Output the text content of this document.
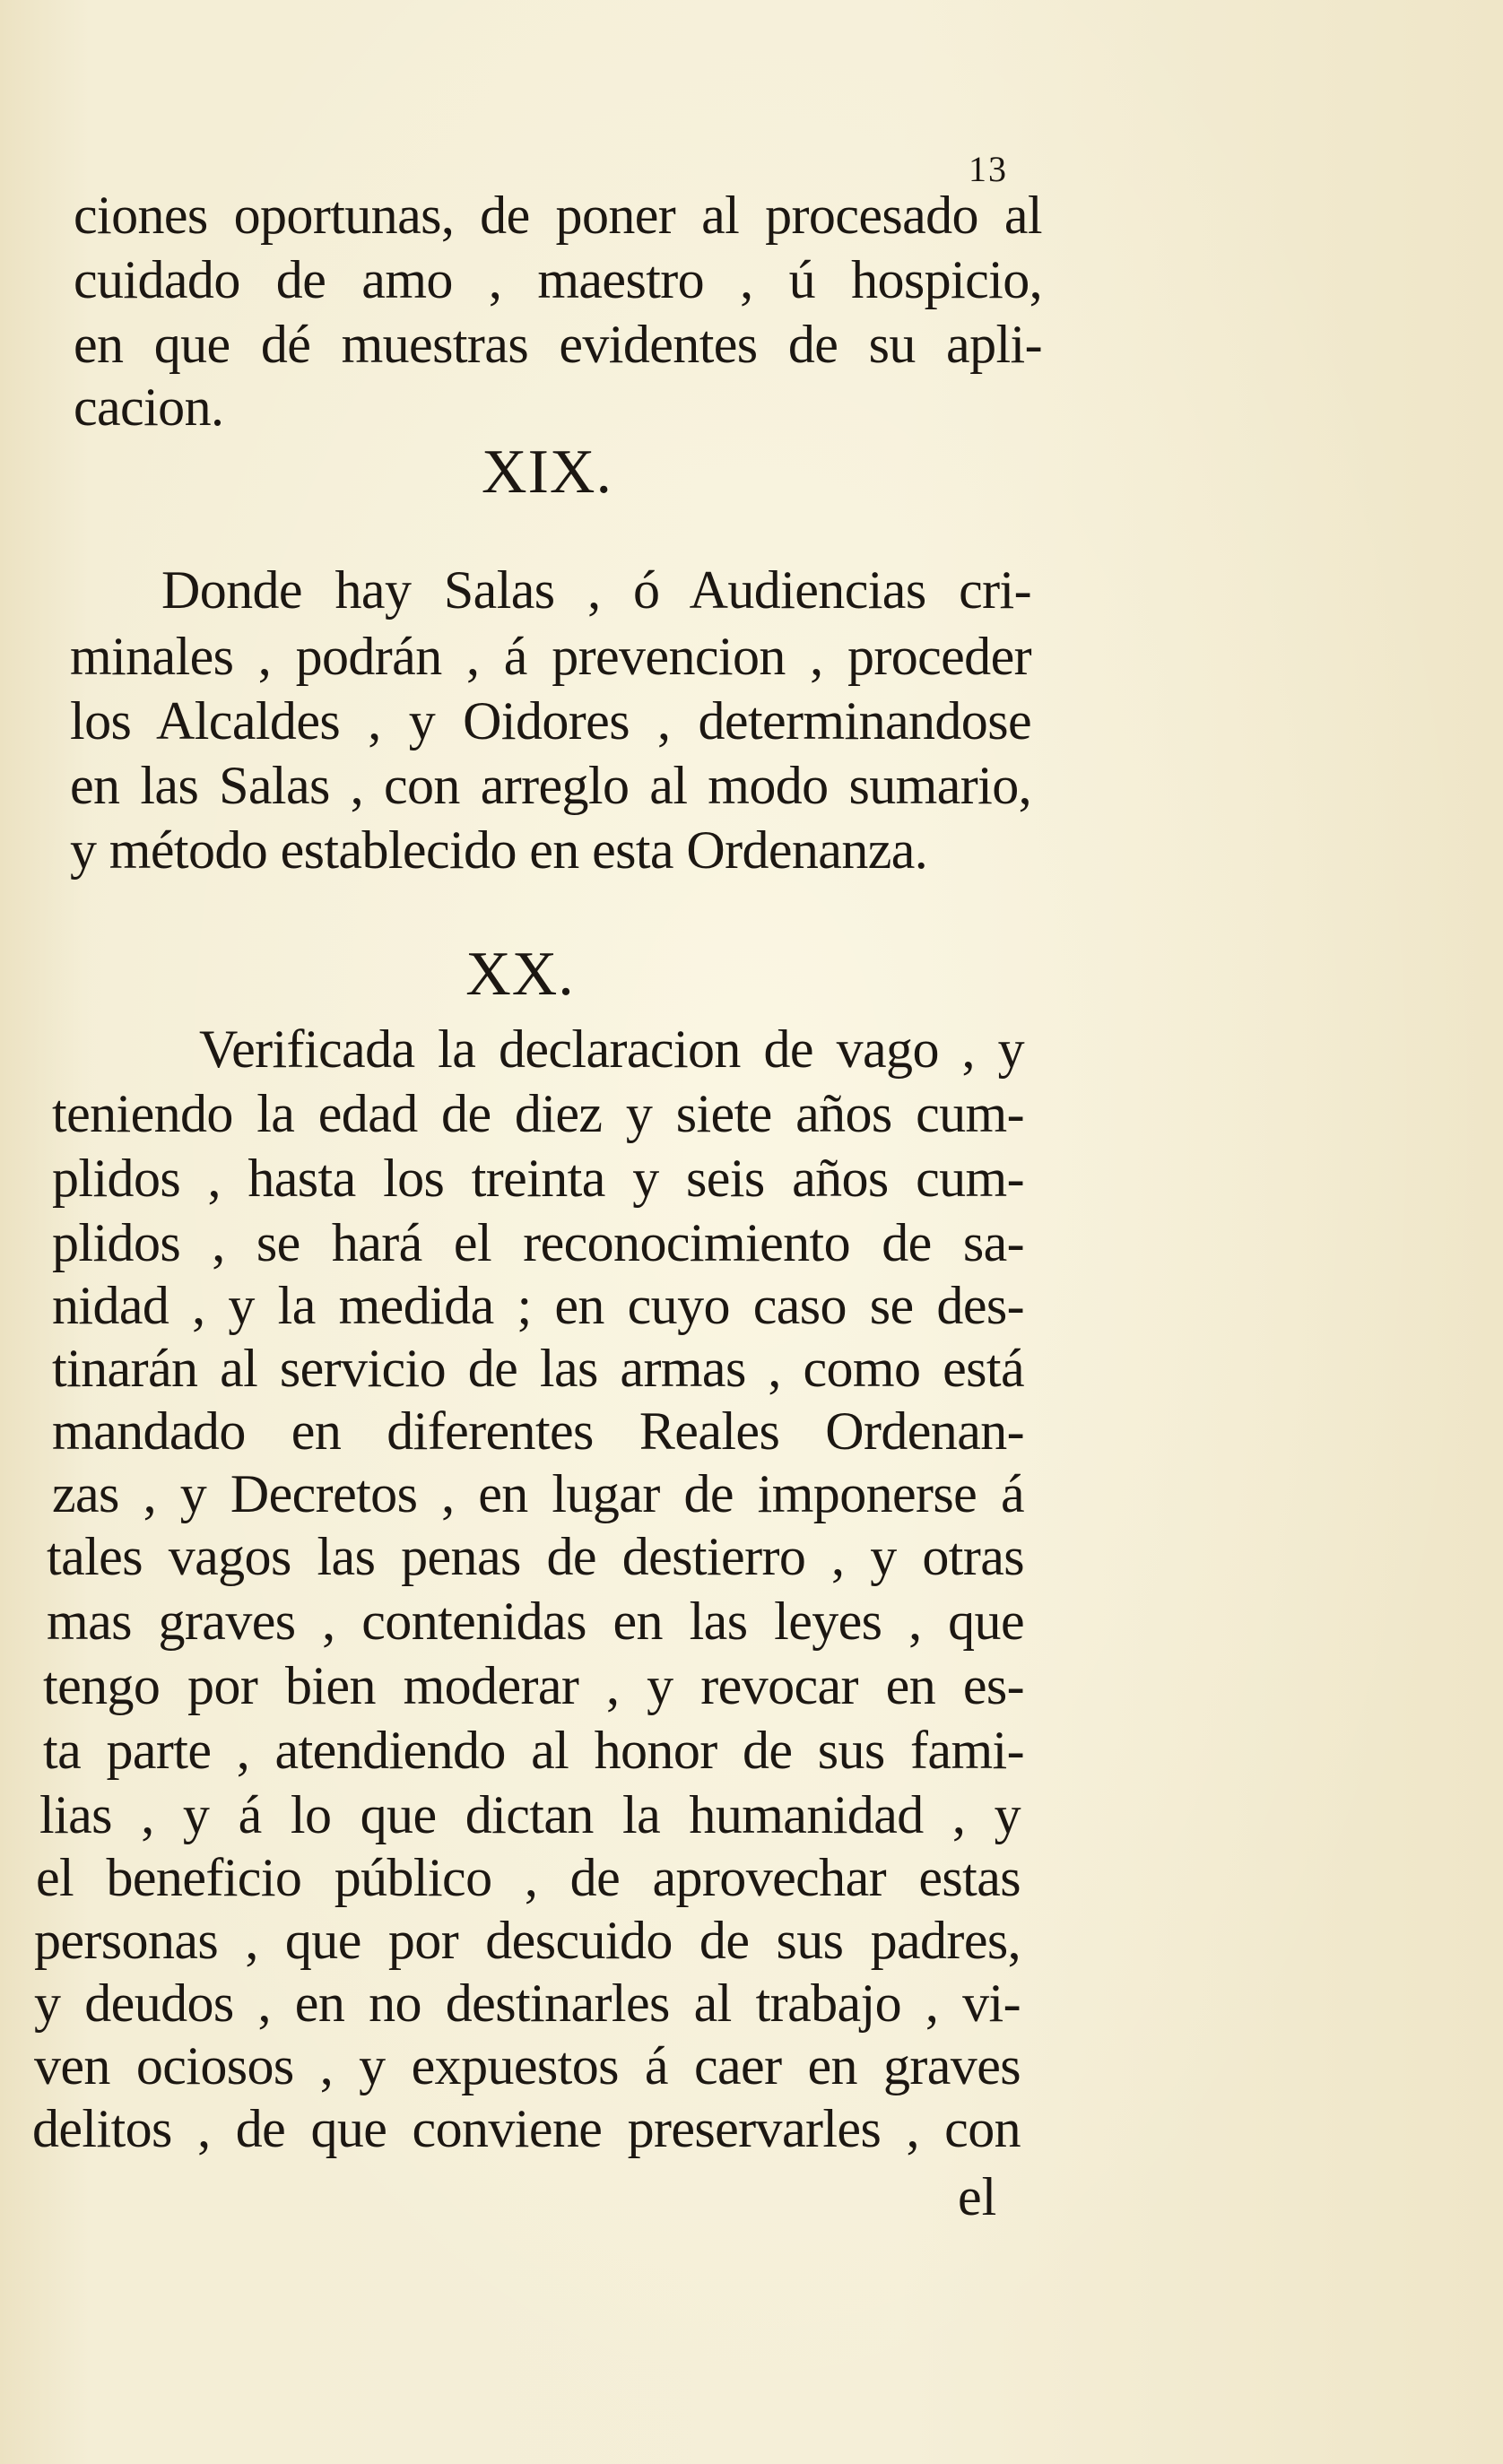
13
ciones oportunas, de poner al procesado al
cuidado de amo , maestro , ú hospicio,
en que dé muestras evidentes de su apli-
cacion.
XIX.
Donde hay Salas , ó Audiencias cri-
minales , podrán , á prevencion , proceder
los Alcaldes , y Oidores , determinandose
en las Salas , con arreglo al modo sumario,
y método establecido en esta Ordenanza.
XX.
Verificada la declaracion de vago , y
teniendo la edad de diez y siete años cum-
plidos , hasta los treinta y seis años cum-
plidos , se hará el reconocimiento de sa-
nidad , y la medida ; en cuyo caso se des-
tinarán al servicio de las armas , como está
mandado en diferentes Reales Ordenan-
zas , y Decretos , en lugar de imponerse á
tales vagos las penas de destierro , y otras
mas graves , contenidas en las leyes , que
tengo por bien moderar , y revocar en es-
ta parte , atendiendo al honor de sus fami-
lias , y á lo que dictan la humanidad , y
el beneficio público , de aprovechar estas
personas , que por descuido de sus padres,
y deudos , en no destinarles al trabajo , vi-
ven ociosos , y expuestos á caer en graves
delitos , de que conviene preservarles , con
el
